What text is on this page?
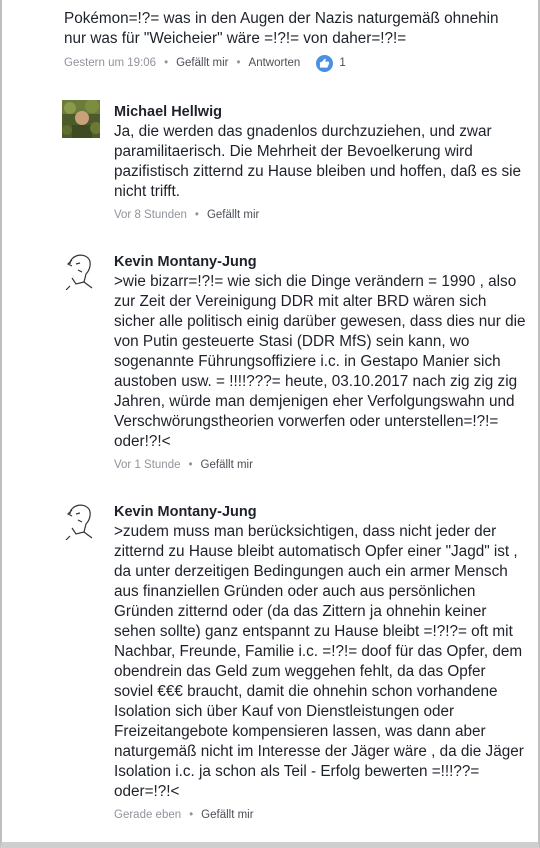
Pokémon=!?= was in den Augen der Nazis naturgemäß ohnehin
nur was für "Weicheier" wäre =!?!= von daher=!?!=
Gestern um 19:06 • Gefällt mir • Antworten	1
Michael Hellwig
Ja, die werden das gnadenlos durchzuziehen, und zwar paramilitaerisch. Die Mehrheit der Bevoelkerung wird pazifistisch zitternd zu Hause bleiben und hoffen, daß es sie nicht trifft.
Vor 8 Stunden • Gefällt mir
Kevin Montany-Jung
>wie bizarr=!?!= wie sich die Dinge verändern = 1990 , also zur Zeit der Vereinigung DDR mit alter BRD wären sich sicher alle politisch einig darüber gewesen, dass dies nur die von Putin gesteuerte Stasi (DDR MfS) sein kann, wo sogenannte Führungsoffiziere i.c. in Gestapo Manier sich austoben usw. = !!!!???= heute, 03.10.2017 nach zig zig zig Jahren, würde man demjenigen eher Verfolgungswahn und Verschwörungstheorien vorwerfen oder unterstellen=!?!= oder!?!<
Vor 1 Stunde • Gefällt mir
Kevin Montany-Jung
>zudem muss man berücksichtigen, dass nicht jeder der zitternd zu Hause bleibt automatisch Opfer einer "Jagd" ist , da unter derzeitigen Bedingungen auch ein armer Mensch aus finanziellen Gründen oder auch aus persönlichen Gründen zitternd oder (da das Zittern ja ohnehin keiner sehen sollte) ganz entspannt zu Hause bleibt =!?!?= oft mit Nachbar, Freunde, Familie i.c. =!?!= doof für das Opfer, dem obendrein das Geld zum weggehen fehlt, da das Opfer soviel €€€ braucht, damit die ohnehin schon vorhandene Isolation sich über Kauf von Dienstleistungen oder Freizeitangebote kompensieren lassen, was dann aber naturgemäß nicht im Interesse der Jäger wäre , da die Jäger Isolation i.c. ja schon als Teil - Erfolg bewerten =!!!??= oder=!?!<
Gerade eben • Gefällt mir
